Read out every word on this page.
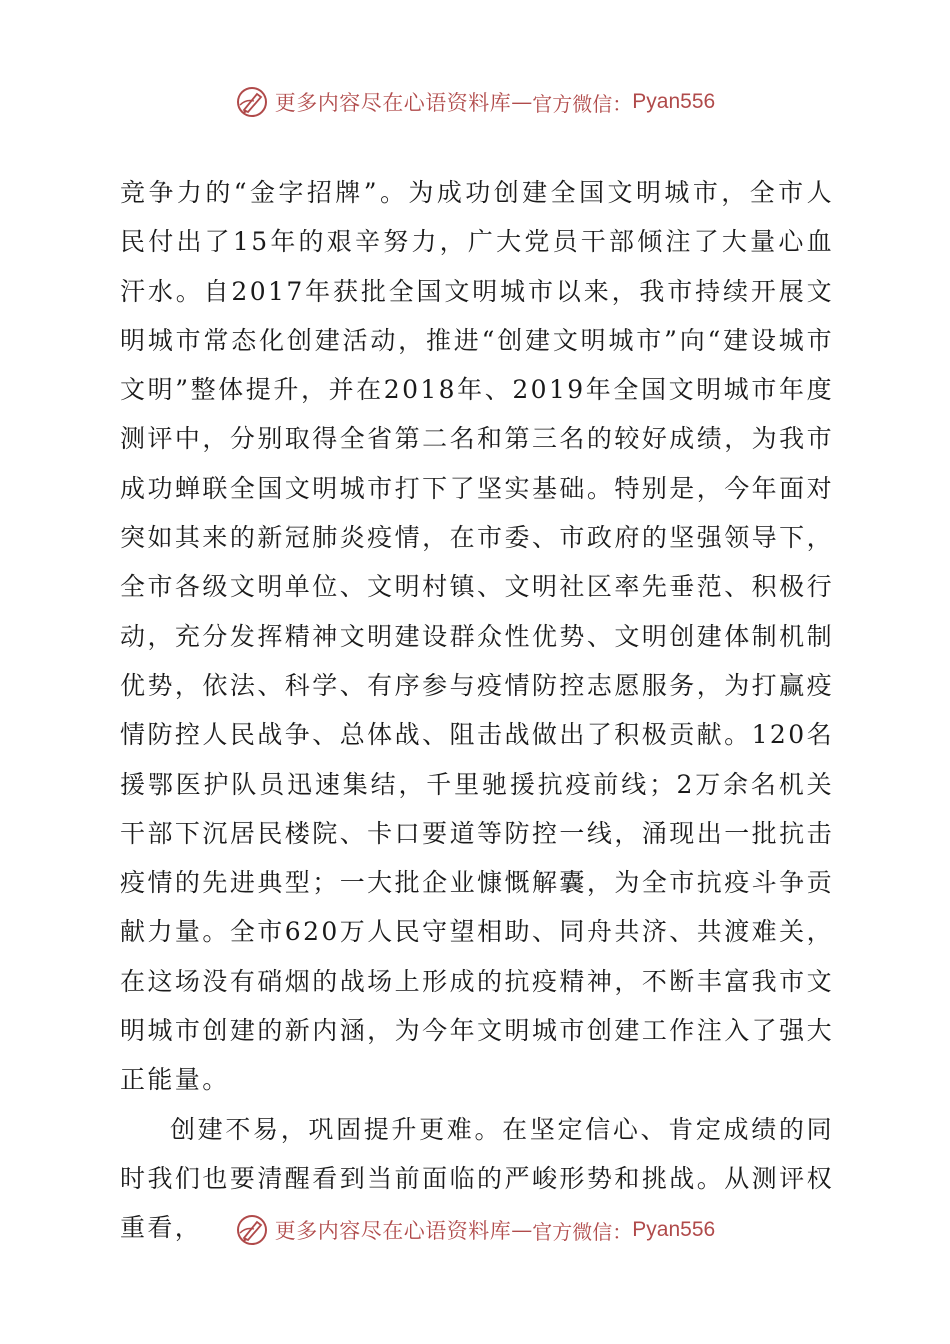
更多内容尽在心语资料库 — 官方微信： Pyan556

竞争力的“金字招牌”。为成功创建全国文明城市，全市人民付出了15年的艰辛努力，广大党员干部倾注了大量心血汗水。自2017年获批全国文明城市以来，我市持续开展文明城市常态化创建活动，推进“创建文明城市”向“建设城市文明”整体提升，并在2018年、2019年全国文明城市年度测评中，分别取得全省第二名和第三名的较好成绩，为我市成功蝉联全国文明城市打下了坚实基础。特别是，今年面对突如其来的新冠肺炎疫情，在市委、市政府的坚强领导下，全市各级文明单位、文明村镇、文明社区率先垂范、积极行动，充分发挥精神文明建设群众性优势、文明创建体制机制优势，依法、科学、有序参与疫情防控志愿服务，为打赢疫情防控人民战争、总体战、阻击战做出了积极贡献。120名援鄂医护队员迅速集结，千里驰援抗疫前线；2万余名机关干部下沉居民楼院、卡口要道等防控一线，涌现出一批抗击疫情的先进典型；一大批企业慷慨解囊，为全市抗疫斗争贡献力量。全市620万人民守望相助、同舟共济、共渡难关，在这场没有硝烟的战场上形成的抗疫精神，不断丰富我市文明城市创建的新内涵，为今年文明城市创建工作注入了强大正能量。

创建不易，巩固提升更难。在坚定信心、肯定成绩的同时我们也要清醒看到当前面临的严峻形势和挑战。从测评权重看，	更多内容尽在心语资料库 — 官方微信： Pyan556
